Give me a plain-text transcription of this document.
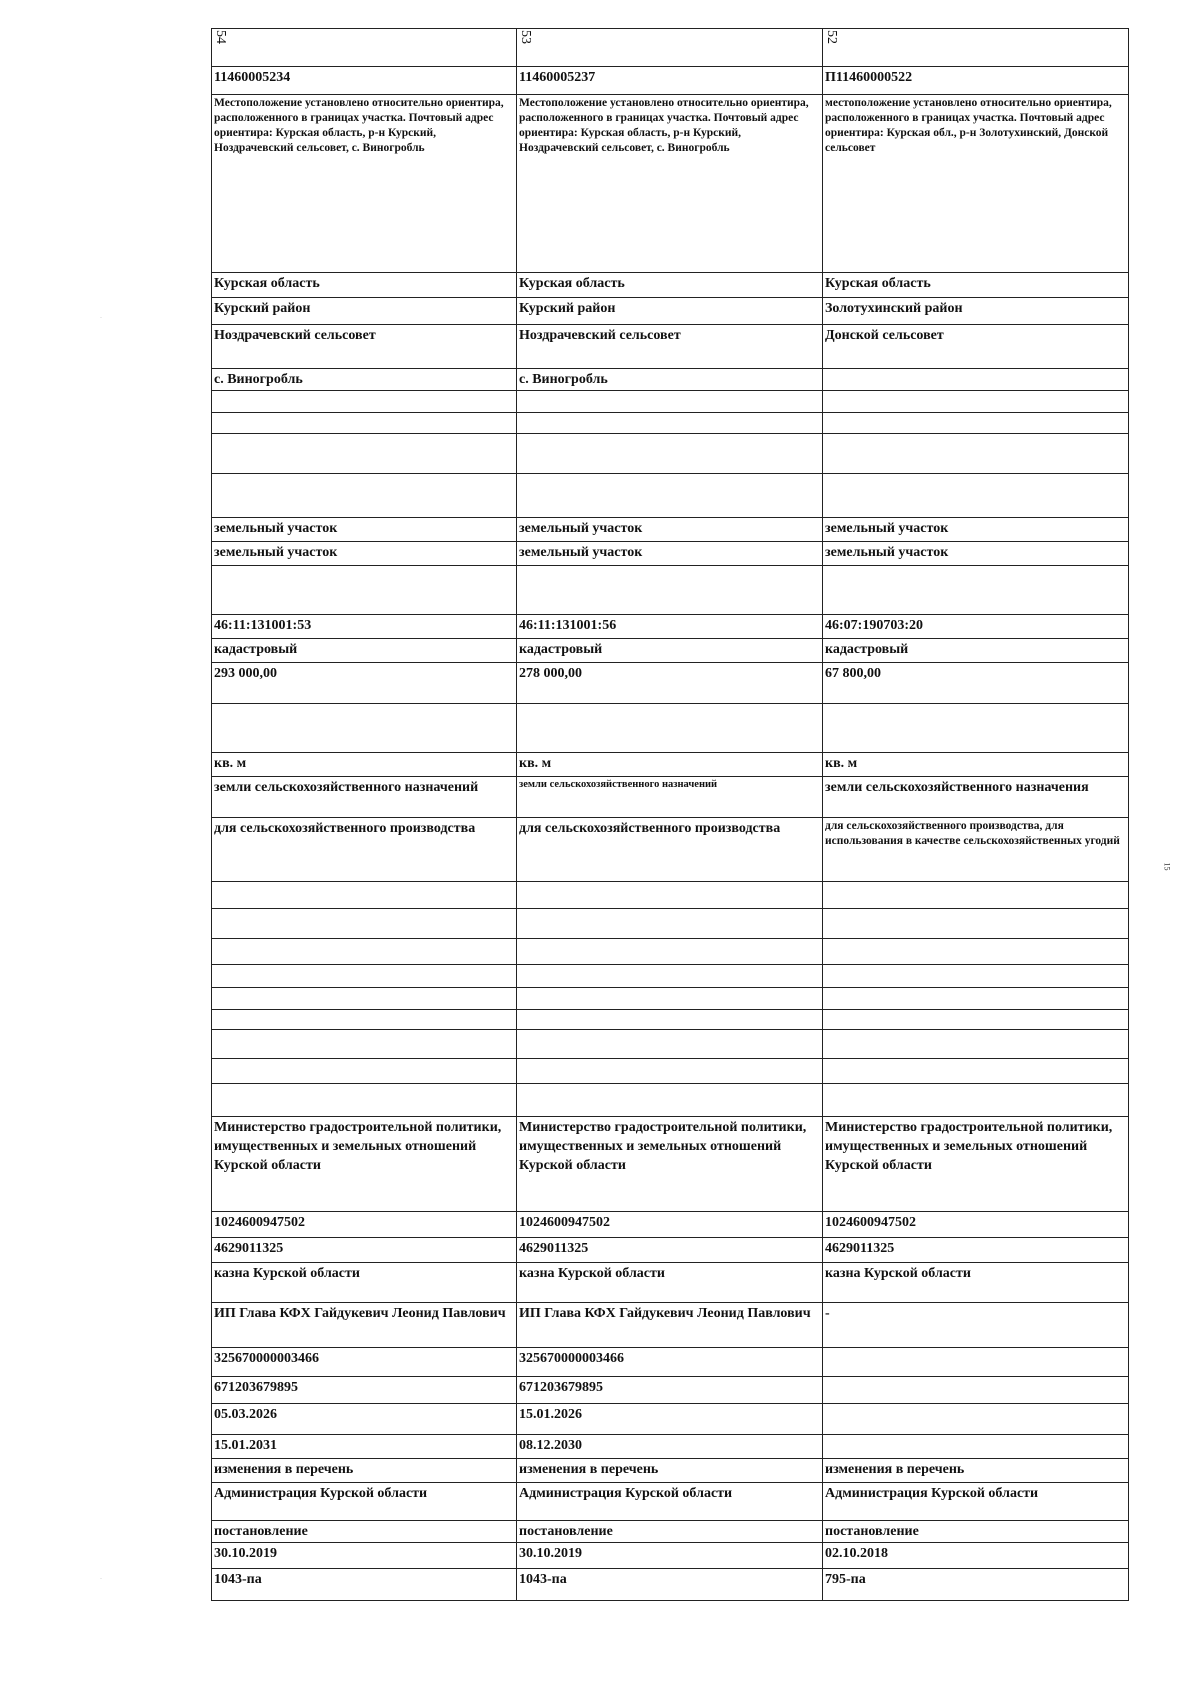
54	53	52
11460005234	11460005237	П11460000522
Местоположение установлено относительно ориентира, расположенного в границах участка. Почтовый адрес ориентира: Курская область, р-н Курский, Ноздрачевский сельсовет, с. Виногробль	Местоположение установлено относительно ориентира, расположенного в границах участка. Почтовый адрес ориентира: Курская область, р-н Курский, Ноздрачевский сельсовет, с. Виногробль	местоположение установлено относительно ориентира, расположенного в границах участка. Почтовый адрес ориентира: Курская обл., р-н Золотухинский, Донской сельсовет
Курская область	Курская область	Курская область
Курский район	Курский район	Золотухинский район
Ноздрачевский сельсовет	Ноздрачевский сельсовет	Донской сельсовет
с. Виногробль	с. Виногробль	

земельный участок	земельный участок	земельный участок
земельный участок	земельный участок	земельный участок

46:11:131001:53	46:11:131001:56	46:07:190703:20
кадастровый	кадастровый	кадастровый
293 000,00	278 000,00	67 800,00

кв. м	кв. м	кв. м
земли сельскохозяйственного назначений	земли сельскохозяйственного назначений	земли сельскохозяйственного назначения
для сельскохозяйственного производства	для сельскохозяйственного производства	для сельскохозяйственного производства, для использования в качестве сельскохозяйственных угодий

Министерство градостроительной политики, имущественных и земельных отношений Курской области	Министерство градостроительной политики, имущественных и земельных отношений Курской области	Министерство градостроительной политики, имущественных и земельных отношений Курской области
1024600947502	1024600947502	1024600947502
4629011325	4629011325	4629011325
казна Курской области	казна Курской области	казна Курской области
ИП Глава КФХ Гайдукевич Леонид Павлович	ИП Глава КФХ Гайдукевич Леонид Павлович	-
325670000003466	325670000003466	
671203679895	671203679895	
05.03.2026	15.01.2026	
15.01.2031	08.12.2030	
изменения в перечень	изменения в перечень	изменения в перечень
Администрация Курской области	Администрация Курской области	Администрация Курской области
постановление	постановление	постановление
30.10.2019	30.10.2019	02.10.2018
1043-па	1043-па	795-па
15
·
·
